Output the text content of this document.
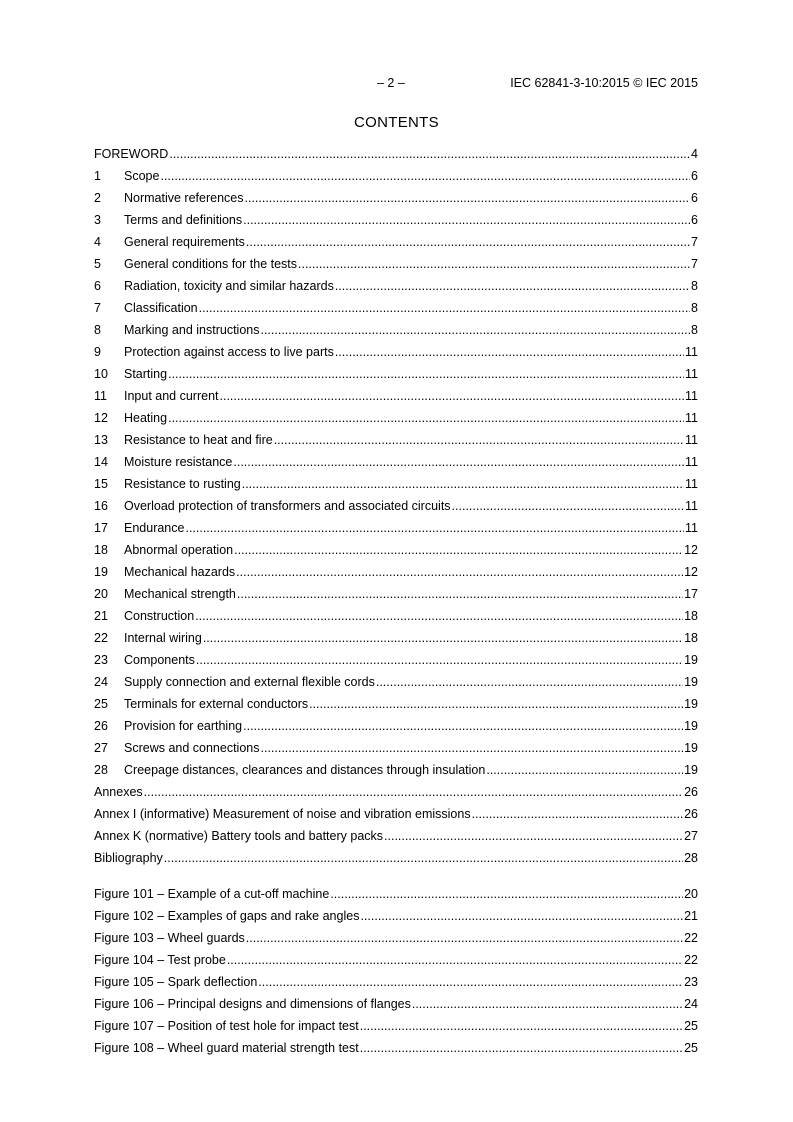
– 2 –	IEC 62841-3-10:2015 © IEC 2015
CONTENTS
FOREWORD .....	4
1	Scope .....	6
2	Normative references .....	6
3	Terms and definitions .....	6
4	General requirements .....	7
5	General conditions for the tests .....	7
6	Radiation, toxicity and similar hazards .....	8
7	Classification .....	8
8	Marking and instructions .....	8
9	Protection against access to live parts .....	11
10	Starting .....	11
11	Input and current .....	11
12	Heating .....	11
13	Resistance to heat and fire .....	11
14	Moisture resistance .....	11
15	Resistance to rusting .....	11
16	Overload protection of transformers and associated circuits .....	11
17	Endurance .....	11
18	Abnormal operation .....	12
19	Mechanical hazards .....	12
20	Mechanical strength .....	17
21	Construction .....	18
22	Internal wiring .....	18
23	Components .....	19
24	Supply connection and external flexible cords .....	19
25	Terminals for external conductors .....	19
26	Provision for earthing .....	19
27	Screws and connections .....	19
28	Creepage distances, clearances and distances through insulation .....	19
Annexes .....	26
Annex I (informative) Measurement of noise and vibration emissions .....	26
Annex K (normative) Battery tools and battery packs .....	27
Bibliography .....	28
Figure 101 – Example of a cut-off machine .....	20
Figure 102 – Examples of gaps and rake angles .....	21
Figure 103 – Wheel guards .....	22
Figure 104 – Test probe .....	22
Figure 105 – Spark deflection .....	23
Figure 106 – Principal designs and dimensions of flanges .....	24
Figure 107 – Position of test hole for impact test .....	25
Figure 108 – Wheel guard material strength test .....	25
